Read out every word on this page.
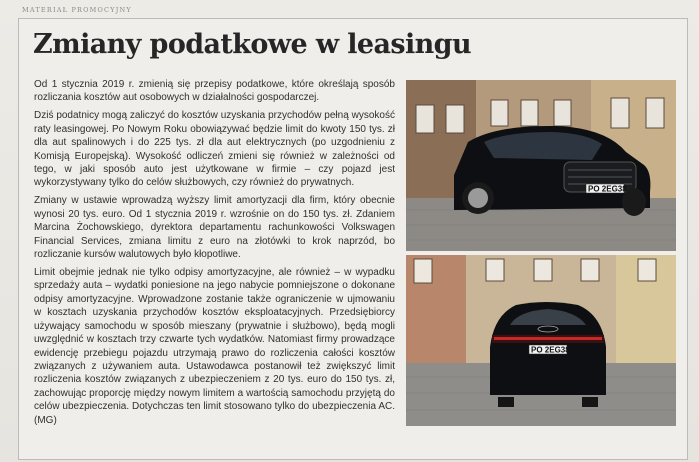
MATERIAŁ PROMOCYJNY
Zmiany podatkowe w leasingu

Od 1 stycznia 2019 r. zmienią się przepisy podatkowe, które określają sposób rozliczania kosztów aut osobowych w działalności gospodarczej.

Dziś podatnicy mogą zaliczyć do kosztów uzyskania przychodów pełną wysokość raty leasingowej. Po Nowym Roku obowiązywać będzie limit do kwoty 150 tys. zł dla aut spalinowych i do 225 tys. zł dla aut elektrycznych (po uzgodnieniu z Komisją Europejską). Wysokość odliczeń zmieni się również w zależności od tego, w jaki sposób auto jest użytkowane w firmie – czy pojazd jest wykorzystywany tylko do celów służbowych, czy również do prywatnych.

Zmiany w ustawie wprowadzą wyższy limit amortyzacji dla firm, który obecnie wynosi 20 tys. euro. Od 1 stycznia 2019 r. wzrośnie on do 150 tys. zł. Zdaniem Marcina Żochowskiego, dyrektora departamentu rachunkowości Volkswagen Financial Services, zmiana limitu z euro na złotówki to krok naprzód, bo rozliczanie kursów walutowych było kłopotliwe.

Limit obejmie jednak nie tylko odpisy amortyzacyjne, ale również – w wypadku sprzedaży auta – wydatki poniesione na jego nabycie pomniejszone o dokonane odpisy amortyzacyjne. Wprowadzone zostanie także ograniczenie w ujmowaniu w kosztach uzyskania przychodów kosztów eksploatacyjnych. Przedsiębiorcy używający samochodu w sposób mieszany (prywatnie i służbowo), będą mogli uwzględnić w kosztach trzy czwarte tych wydatków. Natomiast firmy prowadzące ewidencję przebiegu pojazdu utrzymają prawo do rozliczenia całości kosztów związanych z używaniem auta. Ustawodawca postanowił też zwiększyć limit rozliczenia kosztów związanych z ubezpieczeniem z 20 tys. euro do 150 tys. zł, zachowując proporcję między nowym limitem a wartością samochodu przyjętą do celów ubezpieczenia. Dotychczas ten limit stosowano tylko do ubezpieczenia AC. (MG)

PO 2EG38
PO 2EG38
